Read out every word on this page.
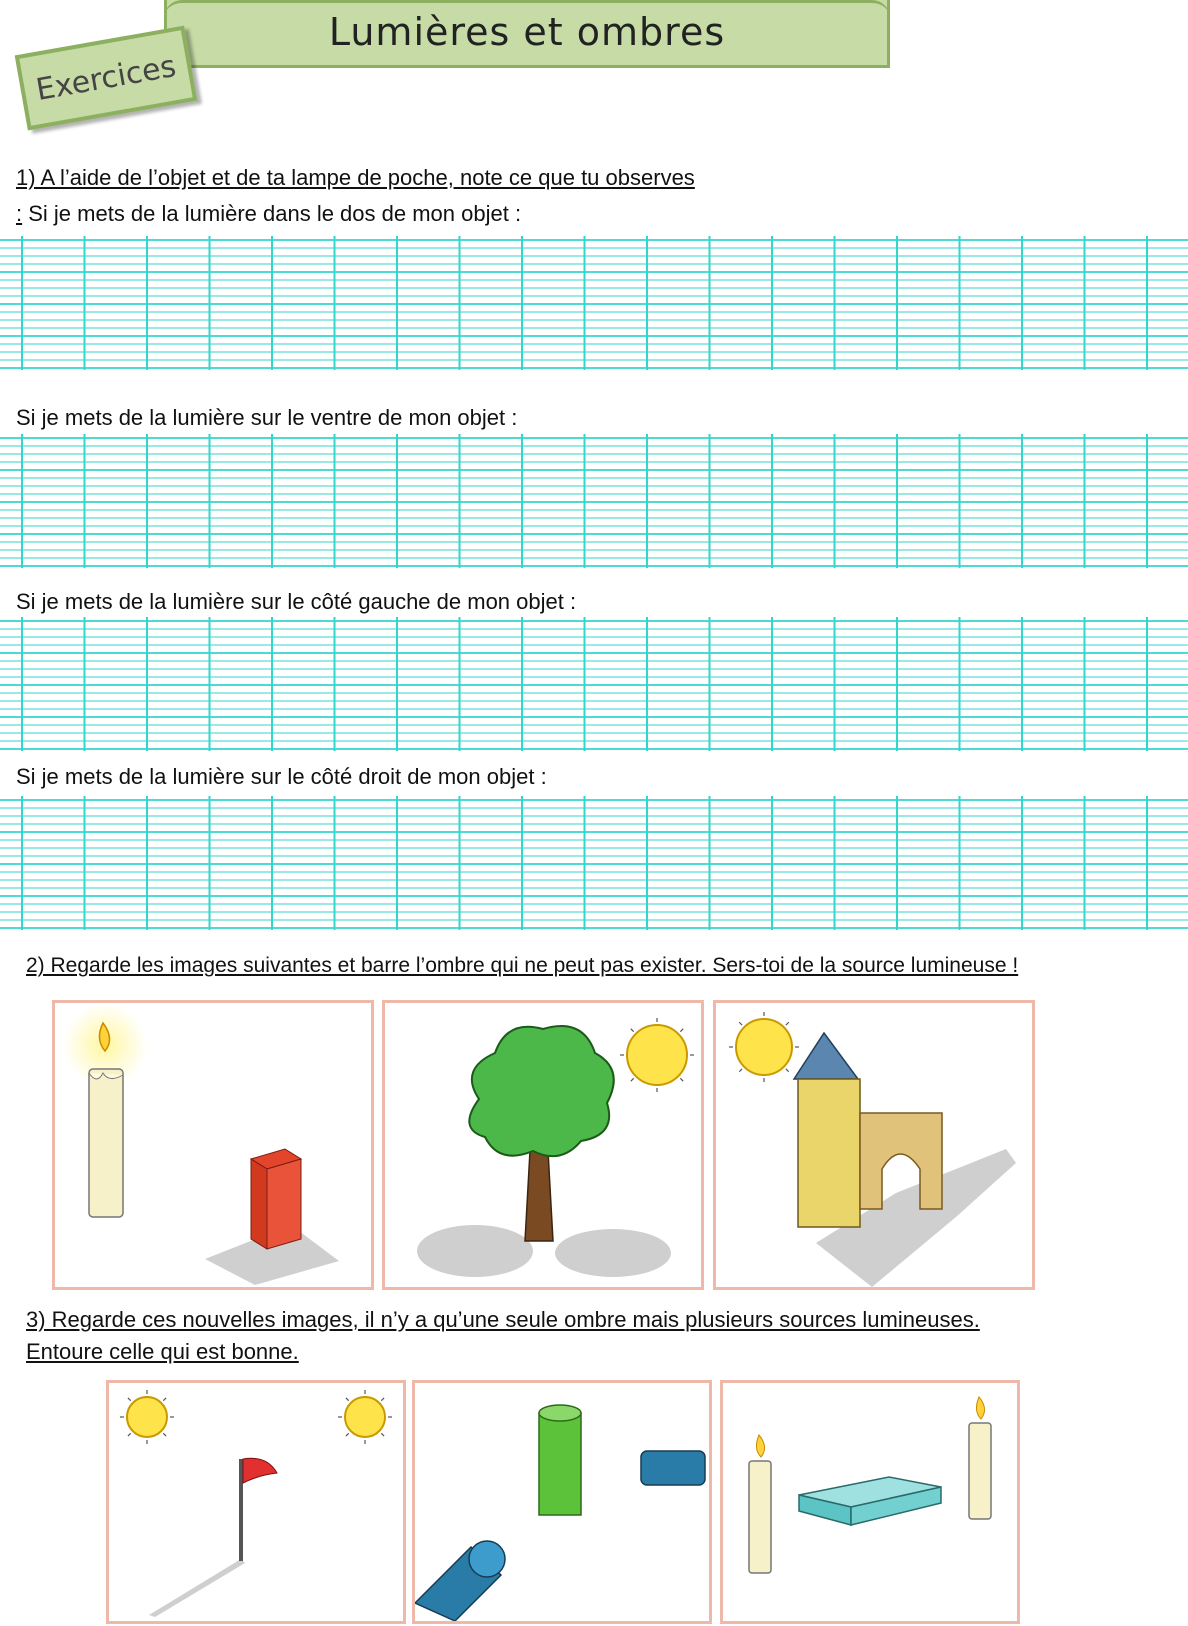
Lumières et ombres
Exercices
1) A l’aide de l’objet et de ta lampe de poche, note ce que tu observes
: Si je mets de la lumière dans le dos de mon objet :
Si je mets de la lumière sur le ventre de mon objet :
Si je mets de la lumière sur le côté gauche de mon objet :
Si je mets de la lumière sur le côté droit de mon objet :
2) Regarde les images suivantes et barre l’ombre qui ne peut pas exister. Sers-toi de la source lumineuse !
3) Regarde ces nouvelles images, il n’y a qu’une seule ombre mais plusieurs sources lumineuses.
Entoure celle qui est bonne.
